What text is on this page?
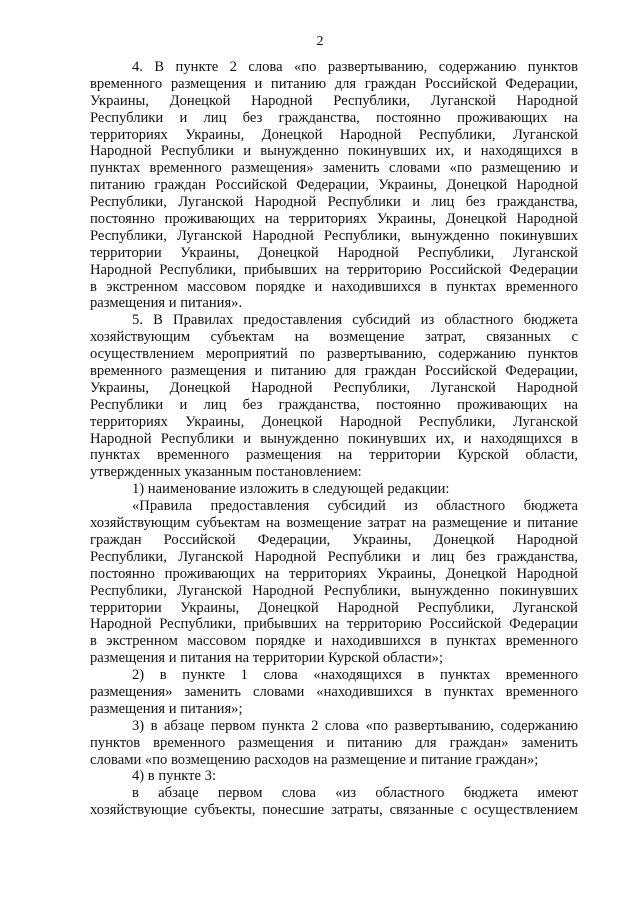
2
4. В пункте 2 слова «по развертыванию, содержанию пунктов
временного размещения и питанию для граждан Российской Федерации,
Украины, Донецкой Народной Республики, Луганской Народной
Республики и лиц без гражданства, постоянно проживающих на
территориях Украины, Донецкой Народной Республики, Луганской
Народной Республики и вынужденно покинувших их, и находящихся в
пунктах временного размещения» заменить словами «по размещению и
питанию граждан Российской Федерации, Украины, Донецкой Народной
Республики, Луганской Народной Республики и лиц без гражданства,
постоянно проживающих на территориях Украины, Донецкой Народной
Республики, Луганской Народной Республики, вынужденно покинувших
территории Украины, Донецкой Народной Республики, Луганской
Народной Республики, прибывших на территорию Российской Федерации
в экстренном массовом порядке и находившихся в пунктах временного
размещения и питания».
5. В Правилах предоставления субсидий из областного бюджета
хозяйствующим субъектам на возмещение затрат, связанных с
осуществлением мероприятий по развертыванию, содержанию пунктов
временного размещения и питанию для граждан Российской Федерации,
Украины, Донецкой Народной Республики, Луганской Народной
Республики и лиц без гражданства, постоянно проживающих на
территориях Украины, Донецкой Народной Республики, Луганской
Народной Республики и вынужденно покинувших их, и находящихся в
пунктах временного размещения на территории Курской области,
утвержденных указанным постановлением:
1) наименование изложить в следующей редакции:
«Правила предоставления субсидий из областного бюджета
хозяйствующим субъектам на возмещение затрат на размещение и питание
граждан Российской Федерации, Украины, Донецкой Народной
Республики, Луганской Народной Республики и лиц без гражданства,
постоянно проживающих на территориях Украины, Донецкой Народной
Республики, Луганской Народной Республики, вынужденно покинувших
территории Украины, Донецкой Народной Республики, Луганской
Народной Республики, прибывших на территорию Российской Федерации
в экстренном массовом порядке и находившихся в пунктах временного
размещения и питания на территории Курской области»;
2) в пункте 1 слова «находящихся в пунктах временного
размещения» заменить словами «находившихся в пунктах временного
размещения и питания»;
3) в абзаце первом пункта 2 слова «по развертыванию, содержанию
пунктов временного размещения и питанию для граждан» заменить
словами «по возмещению расходов на размещение и питание граждан»;
4) в пункте 3:
в абзаце первом слова «из областного бюджета имеют
хозяйствующие субъекты, понесшие затраты, связанные с осуществлением
